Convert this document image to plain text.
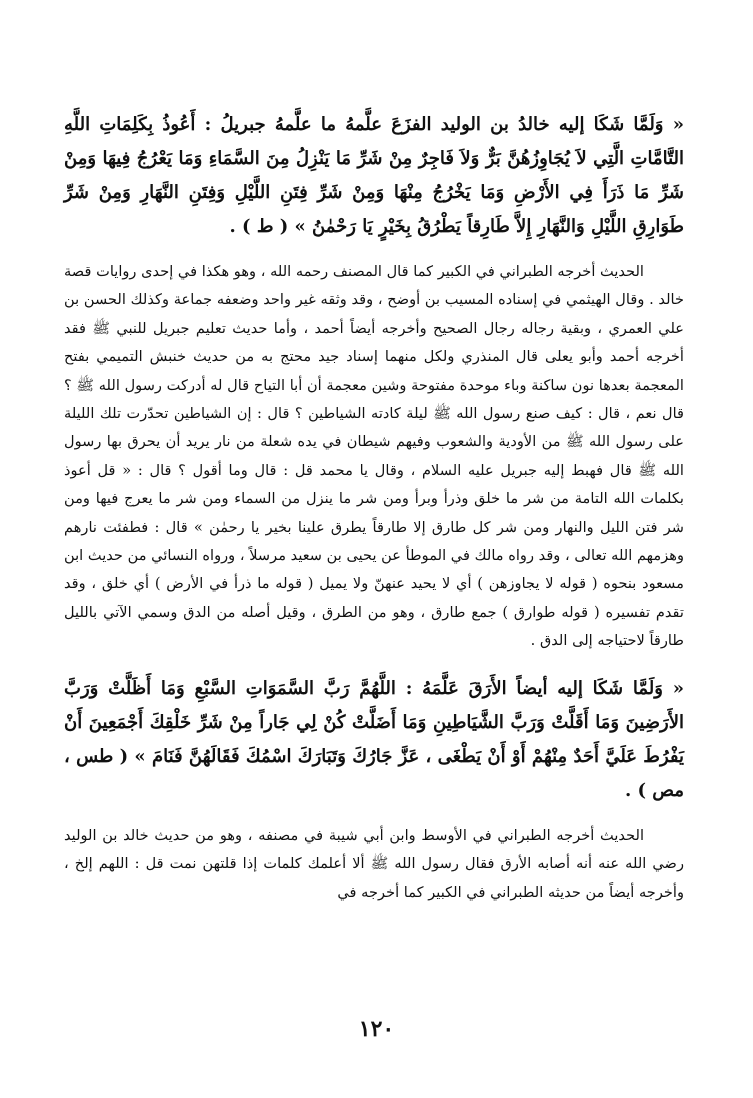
« وَلَمَّا شَكَا إليه خالدُ بن الوليد الفزَعَ علَّمهُ ما علَّمهُ جبريلُ : أَعُوذُ بِكَلِمَاتِ اللَّهِ التَّامَّاتِ الَّتِي لاَ يُجَاوِزُهُنَّ بَرٌّ وَلاَ فَاجِرٌ مِنْ شَرِّ مَا يَنْزِلُ مِنَ السَّمَاءِ وَمَا يَعْرُجُ فِيهَا وَمِنْ شَرِّ مَا ذَرَأَ فِي الأَرْضِ وَمَا يَخْرُجُ مِنْهَا وَمِنْ شَرِّ فِتَنِ اللَّيْلِ وَفِتَنِ النَّهَارِ وَمِنْ شَرِّ طَوَارِقِ اللَّيْلِ وَالنَّهَارِ إِلاَّ طَارِقاً يَطْرُقُ بِخَيْرٍ يَا رَحْمٰنُ » ( ط ) .

الحديث أخرجه الطبراني في الكبير كما قال المصنف رحمه الله ، وهو هكذا في إحدى روايات قصة خالد . وقال الهيثمي في إسناده المسيب بن أوضح ، وقد وثقه غير واحد وضعفه جماعة وكذلك الحسن بن علي العمري ، وبقية رجاله رجال الصحيح وأخرجه أيضاً أحمد ، وأما حديث تعليم جبريل للنبي ﷺ فقد أخرجه أحمد وأبو يعلى قال المنذري ولكل منهما إسناد جيد محتج به من حديث خنبش التميمي بفتح المعجمة بعدها نون ساكنة وباء موحدة مفتوحة وشين معجمة أن أبا التياح قال له أدركت رسول الله ﷺ ؟ قال نعم ، قال : كيف صنع رسول الله ﷺ ليلة كادته الشياطين ؟ قال : إن الشياطين تحدّرت تلك الليلة على رسول الله ﷺ من الأودية والشعوب وفيهم شيطان في يده شعلة من نار يريد أن يحرق بها رسول الله ﷺ قال فهبط إليه جبريل عليه السلام ، وقال يا محمد قل : قال وما أقول ؟ قال : « قل أعوذ بكلمات الله التامة من شر ما خلق وذرأ وبرأ ومن شر ما ينزل من السماء ومن شر ما يعرج فيها ومن شر فتن الليل والنهار ومن شر كل طارق إلا طارقاً يطرق علينا بخير يا رحمٰن » قال : فطفئت نارهم وهزمهم الله تعالى ، وقد رواه مالك في الموطأ عن يحيى بن سعيد مرسلاً ، ورواه النسائي من حديث ابن مسعود بنحوه ( قوله لا يجاوزهن ) أي لا يحيد عنهنّ ولا يميل ( قوله ما ذرأ في الأرض ) أي خلق ، وقد تقدم تفسيره ( قوله طوارق ) جمع طارق ، وهو من الطرق ، وقيل أصله من الدق وسمي الآتي بالليل طارقاً لاحتياجه إلى الدق .

« وَلَمَّا شَكَا إليه أيضاً الأَرَقَ عَلَّمَهُ : اللَّهُمَّ رَبَّ السَّمَوَاتِ السَّبْعِ وَمَا أَظَلَّتْ وَرَبَّ الأَرَضِينَ وَمَا أَقَلَّتْ وَرَبَّ الشَّيَاطِينِ وَمَا أَضَلَّتْ كُنْ لِي جَاراً مِنْ شَرِّ خَلْقِكَ أَجْمَعِينَ أَنْ يَفْرُطَ عَلَيَّ أَحَدٌ مِنْهُمْ أَوْ أَنْ يَطْغَى ، عَزَّ جَارُكَ وَتَبَارَكَ اسْمُكَ فَقَالَهُنَّ فَنَامَ » ( طس ، مص ) .

الحديث أخرجه الطبراني في الأوسط وابن أبي شيبة في مصنفه ، وهو من حديث خالد بن الوليد رضي الله عنه أنه أصابه الأرق فقال رسول الله ﷺ ألا أعلمك كلمات إذا قلتهن نمت قل : اللهم إلخ ، وأخرجه أيضاً من حديثه الطبراني في الكبير كما أخرجه في

١٢٠
